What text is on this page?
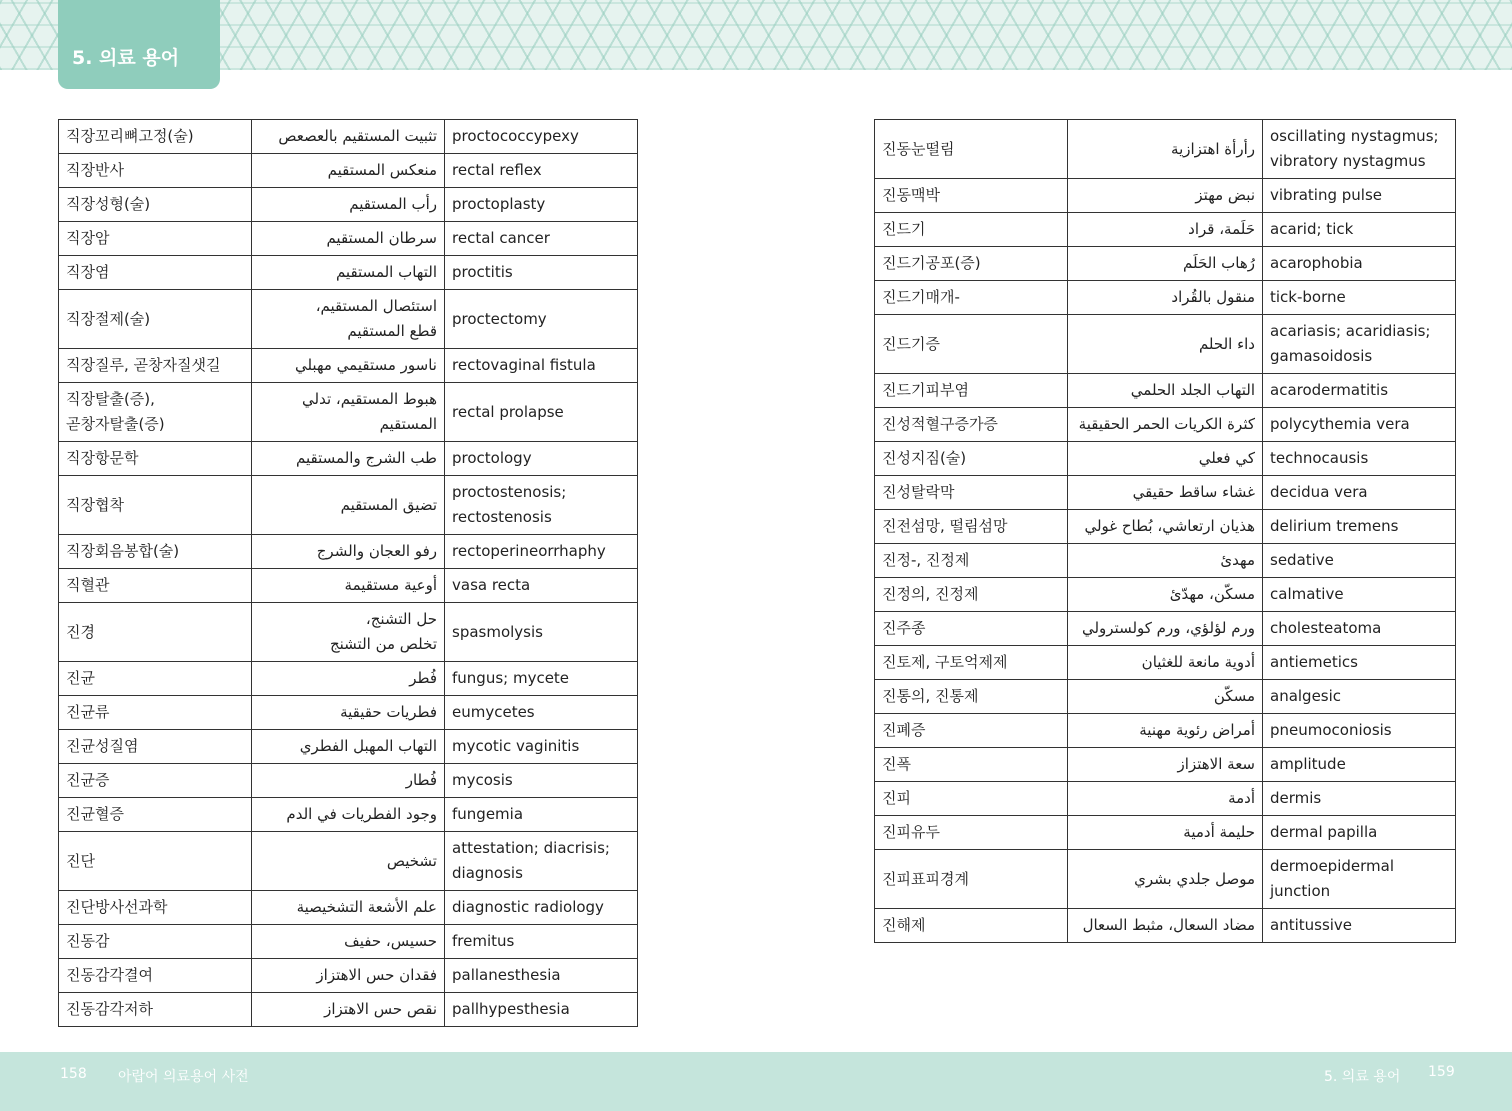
5. 의료 용어
직장꼬리뼈고정(술)	تثبيت المستقيم بالعصعص	proctococcypexy

직장반사	منعكس المستقيم	rectal reflex

직장성형(술)	رأب المستقيم	proctoplasty

직장암	سرطان المستقيم	rectal cancer

직장염	التهاب المستقيم	proctitis

직장절제(술)	استئصال المستقيم،
قطع المستقيم	proctectomy

직장질루, 곧창자질샛길	ناسور مستقيمي مهبلي	rectovaginal fistula

직장탈출(증),
곧창자탈출(증)	هبوط المستقيم، تدلي المستقيم	rectal prolapse

직장항문학	طب الشرج والمستقيم	proctology

직장협착	تضيق المستقيم	proctostenosis;
rectostenosis

직장회음봉합(술)	رفو العجان والشرج	rectoperineorrhaphy

직혈관	أوعية مستقيمة	vasa recta

진경	حل التشنج،
تخلص من التشنج	spasmolysis

진균	فُطر	fungus; mycete

진균류	فطريات حقيقية	eumycetes

진균성질염	التهاب المهبل الفطري	mycotic vaginitis

진균증	فُطار	mycosis

진균혈증	وجود الفطريات في الدم	fungemia

진단	تشخيص	attestation; diacrisis;
diagnosis

진단방사선과학	علم الأشعة التشخيصية	diagnostic radiology

진동감	حسيس، حفيف	fremitus

진동감각결여	فقدان حس الاهتزاز	pallanesthesia

진동감각저하	نقص حس الاهتزاز	pallhypesthesia
진동눈떨림	رأرأة اهتزازية	oscillating nystagmus;
vibratory nystagmus

진동맥박	نبض مهتز	vibrating pulse

진드기	حَلَمة، قراد	acarid; tick

진드기공포(증)	رُهاب الحَلَم	acarophobia

진드기매개-	منقول بالقُراد	tick-borne

진드기증	داء الحلم	acariasis; acaridiasis;
gamasoidosis

진드기피부염	التهاب الجلد الحلمي	acarodermatitis

진성적혈구증가증	كثرة الكريات الحمر الحقيقية	polycythemia vera

진성지짐(술)	كي فعلي	technocausis

진성탈락막	غشاء ساقط حقيقي	decidua vera

진전섬망, 떨림섬망	هذيان ارتعاشي، بُطاح غولي	delirium tremens

진정-, 진정제	مهدئ	sedative

진정의, 진정제	مسكّن، مهدّئ	calmative

진주종	ورم لؤلؤي، ورم كولسترولي	cholesteatoma

진토제, 구토억제제	أدوية مانعة للغثيان	antiemetics

진통의, 진통제	مسكّن	analgesic

진폐증	أمراض رئوية مهنية	pneumoconiosis

진폭	سعة الاهتزاز	amplitude

진피	أدمة	dermis

진피유두	حليمة أدمية	dermal papilla

진피표피경계	موصل جلدي بشري	dermoepidermal
junction

진해제	مضاد السعال، مثبط السعال	antitussive
158 아랍어 의료용어 사전	5. 의료 용어 159
